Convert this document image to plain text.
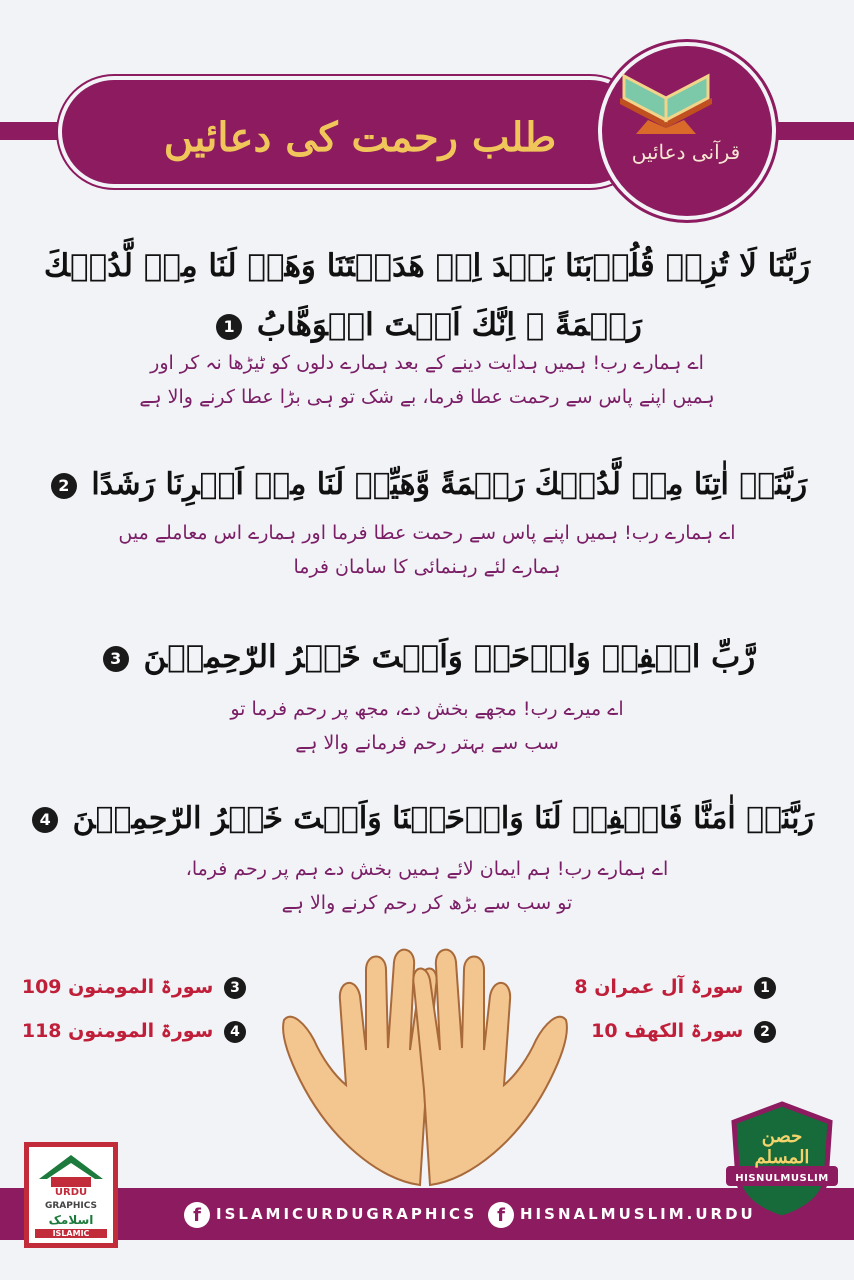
طلب رحمت کی دعائیں	قرآنی دعائیں
رَبَّنَا لَا تُزِغۡ قُلُوۡبَنَا بَعۡدَ اِذۡ هَدَيۡتَنَا وَهَبۡ لَنَا مِنۡ لَّدُنۡكَ
رَحۡمَةً ۚ اِنَّكَ اَنۡتَ الۡوَهَّابُ 1
اے ہمارے رب! ہمیں ہدایت دینے کے بعد ہمارے دلوں کو ٹیڑھا نہ کر اور
ہمیں اپنے پاس سے رحمت عطا فرما، بے شک تو ہی بڑا عطا کرنے والا ہے
رَبَّنَاۤ اٰتِنَا مِنۡ لَّدُنۡكَ رَحۡمَةً وَّهَيِّئۡ لَنَا مِنۡ اَمۡرِنَا رَشَدًا 2
اے ہمارے رب! ہمیں اپنے پاس سے رحمت عطا فرما اور ہمارے اس معاملے میں
ہمارے لئے رہنمائی کا سامان فرما
رَّبِّ اغۡفِرۡ وَارۡحَمۡ وَاَنۡتَ خَيۡرُ الرّٰحِمِيۡنَ 3
اے میرے رب! مجھے بخش دے، مجھ پر رحم فرما تو
سب سے بہتر رحم فرمانے والا ہے
رَبَّنَاۤ اٰمَنَّا فَاغۡفِرۡ لَنَا وَارۡحَمۡنَا وَاَنۡتَ خَيۡرُ الرّٰحِمِيۡنَ 4
اے ہمارے رب! ہم ایمان لائے ہمیں بخش دے ہم پر رحم فرما،
تو سب سے بڑھ کر رحم کرنے والا ہے
1 سورۃ آل عمران 8
2 سورۃ الکھف 10
3 سورۃ المومنون 109
4 سورۃ المومنون 118
f ISLAMICURDUGRAPHICS	f HISNALMUSLIM.URDU
URDU
GRAPHICS
اسلامک
ISLAMIC
حصن المسلم
HISNULMUSLIM
